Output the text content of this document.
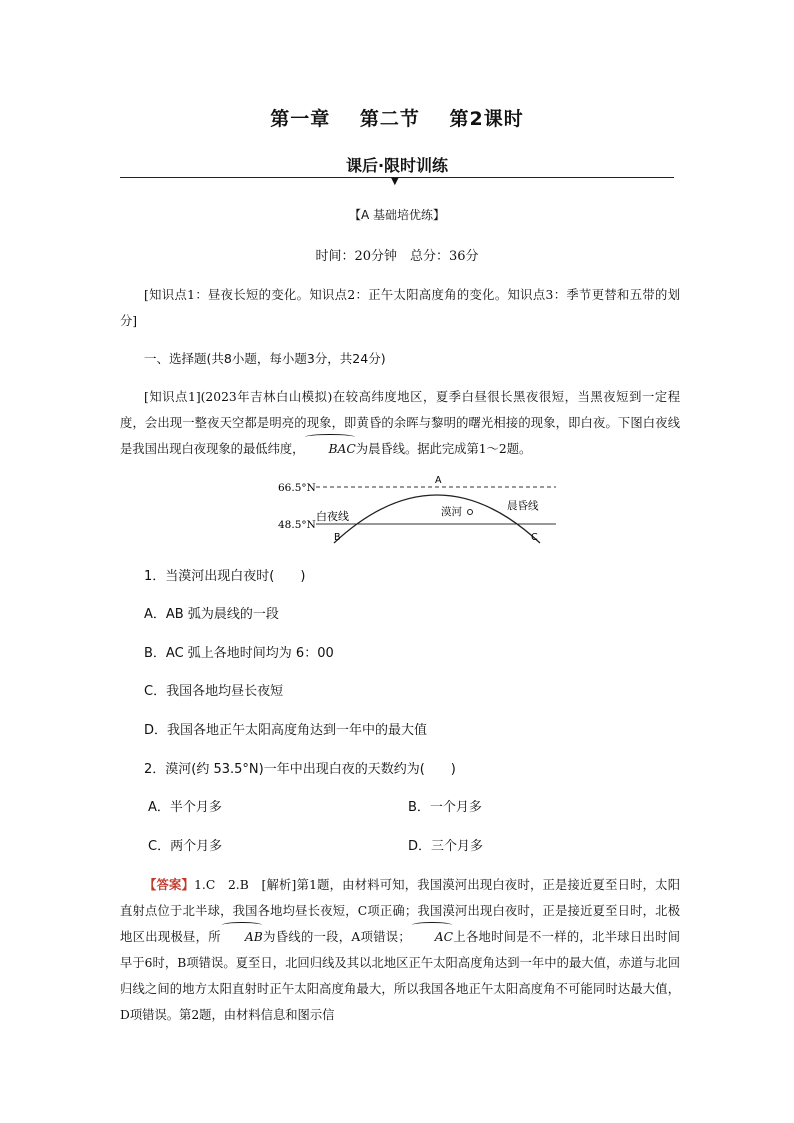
第一章 第二节 第2课时
课后·限时训练
▼
【A 基础培优练】
时间：20分钟　总分：36分

[知识点1：昼夜长短的变化。知识点2：正午太阳高度角的变化。知识点3：季节更替和五带的划分]

一、选择题(共8小题，每小题3分，共24分)

[知识点1](2023年吉林白山模拟)在较高纬度地区，夏季白昼很长黑夜很短，当黑夜短到一定程度，会出现一整夜天空都是明亮的现象，即黄昏的余晖与黎明的曙光相接的现象，即白夜。下图白夜线是我国出现白夜现象的最低纬度， BAC为晨昏线。据此完成第1～2题。

66.5°N
48.5°N
白夜线	漠河	晨昏线
A
B	C
1．当漠河出现白夜时(　　)
A．AB 弧为晨线的一段
B．AC 弧上各地时间均为 6：00
C．我国各地均昼长夜短
D．我国各地正午太阳高度角达到一年中的最大值
2．漠河(约 53.5°N)一年中出现白夜的天数约为(　　)
A．半个月多	B．一个月多
C．两个月多	D．三个月多

【答案】1.C　2.B　[解析]第1题，由材料可知，我国漠河出现白夜时，正是接近夏至日时，太阳直射点位于北半球，我国各地均昼长夜短，C项正确；我国漠河出现白夜时，正是接近夏至日时，北极地区出现极昼，所 AB为昏线的一段，A项错误； AC上各地时间是不一样的，北半球日出时间早于6时，B项错误。夏至日，北回归线及其以北地区正午太阳高度角达到一年中的最大值，赤道与北回归线之间的地方太阳直射时正午太阳高度角最大，所以我国各地正午太阳高度角不可能同时达最大值，D项错误。第2题，由材料信息和图示信
